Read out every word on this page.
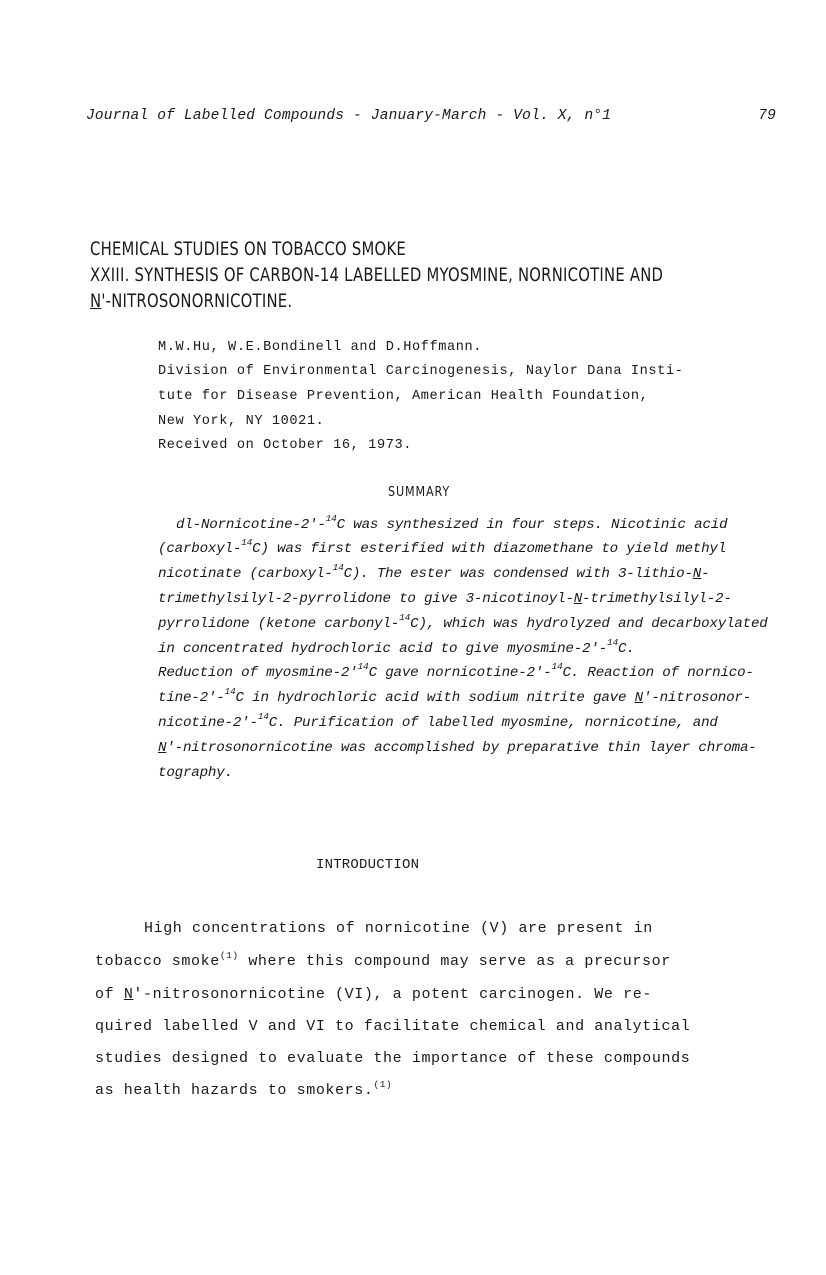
Journal of Labelled Compounds - January-March - Vol. X, n°1	79
CHEMICAL STUDIES ON TOBACCO SMOKE
XXIII. SYNTHESIS OF CARBON-14 LABELLED MYOSMINE, NORNICOTINE AND
N'-NITROSONORNICOTINE.
M.W.Hu, W.E.Bondinell and D.Hoffmann.
Division of Environmental Carcinogenesis, Naylor Dana Insti-
tute for Disease Prevention, American Health Foundation,
New York, NY 10021.
Received on October 16, 1973.
SUMMARY
dl-Nornicotine-2'-$^{14}$C was synthesized in four steps. Nicotinic acid
(carboxyl-$^{14}$C) was first esterified with diazomethane to yield methyl
nicotinate (carboxyl-$^{14}$C). The ester was condensed with 3-lithio-N-
trimethylsilyl-2-pyrrolidone to give 3-nicotinoyl-N-trimethylsilyl-2-
pyrrolidone (ketone carbonyl-$^{14}$C), which was hydrolyzed and decarboxylated
in concentrated hydrochloric acid to give myosmine-2'-$^{14}$C.
Reduction of myosmine-$2'^{14}C$ gave nornicotine-2'-$^{14}$C. Reaction of nornico-
tine-2'-$^{14}$C in hydrochloric acid with sodium nitrite gave N'-nitrosonor-
nicotine-2'-$^{14}$C. Purification of labelled myosmine, nornicotine, and
N'-nitrosonornicotine was accomplished by preparative thin layer chroma-
tography.
INTRODUCTION
High concentrations of nornicotine (V) are present in
tobacco smoke$^{(1)}$ where this compound may serve as a precursor
of N'-nitrosonornicotine (VI), a potent carcinogen. We re-
quired labelled V and VI to facilitate chemical and analytical
studies designed to evaluate the importance of these compounds
as health hazards to smokers.$^{(1)}$
